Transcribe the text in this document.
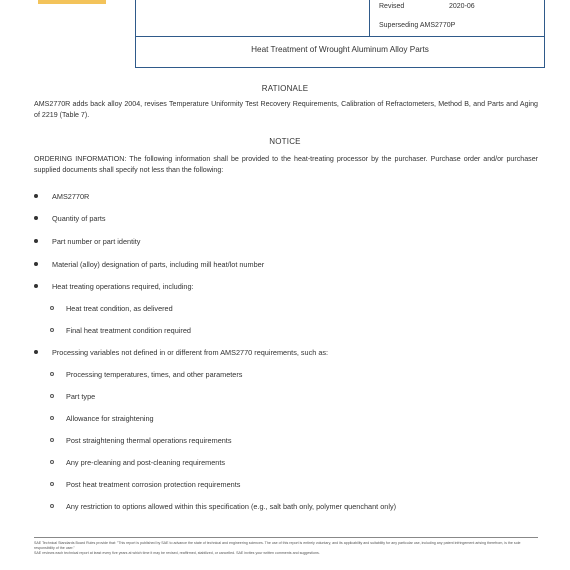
Revised	2020-06
Superseding AMS2770P
Heat Treatment of Wrought Aluminum Alloy Parts
RATIONALE
AMS2770R adds back alloy 2004, revises Temperature Uniformity Test Recovery Requirements, Calibration of Refractometers, Method B, and Parts and Aging of 2219 (Table 7).
NOTICE
ORDERING INFORMATION: The following information shall be provided to the heat-treating processor by the purchaser. Purchase order and/or purchaser supplied documents shall specify not less than the following:
AMS2770R
Quantity of parts
Part number or part identity
Material (alloy) designation of parts, including mill heat/lot number
Heat treating operations required, including:
Heat treat condition, as delivered
Final heat treatment condition required
Processing variables not defined in or different from AMS2770 requirements, such as:
Processing temperatures, times, and other parameters
Part type
Allowance for straightening
Post straightening thermal operations requirements
Any pre-cleaning and post-cleaning requirements
Post heat treatment corrosion protection requirements
Any restriction to options allowed within this specification (e.g., salt bath only, polymer quenchant only)
SAE Technical Standards Board Rules provide that: "This report is published by SAE to advance the state of technical and engineering sciences. The use of this report is entirely voluntary, and its applicability and suitability for any particular use, including any patent infringement arising therefrom, is the sole responsibility of the user."
SAE reviews each technical report at least every five years at which time it may be revised, reaffirmed, stabilized, or cancelled. SAE invites your written comments and suggestions.
